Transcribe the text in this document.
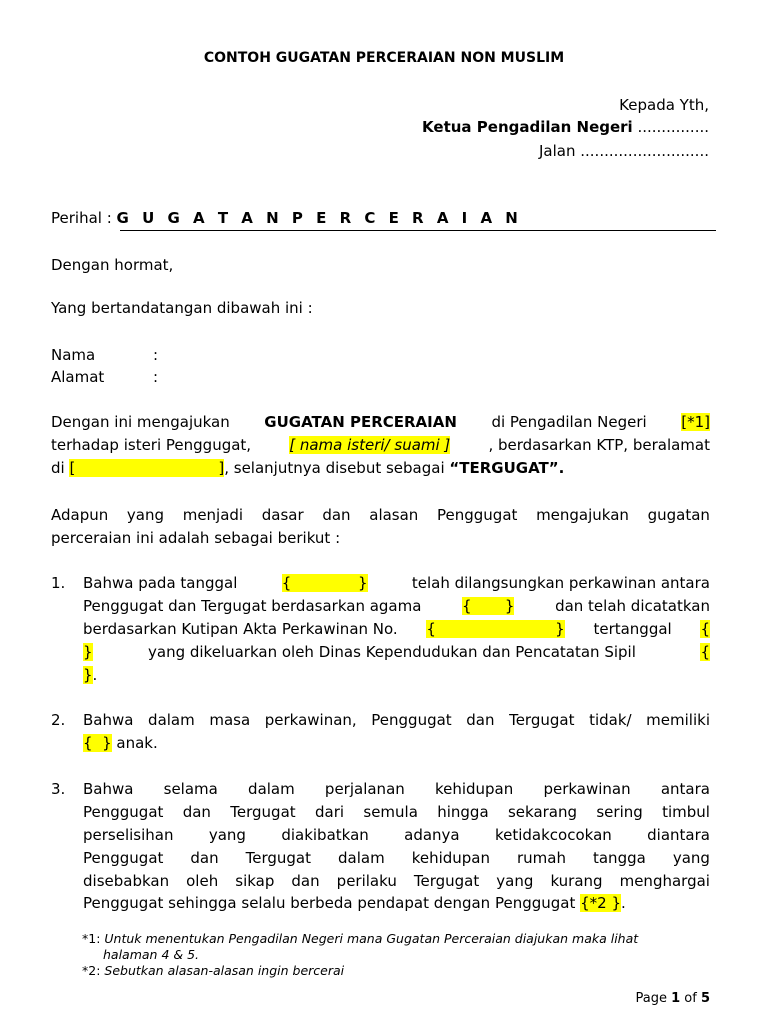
CONTOH GUGATAN PERCERAIAN NON MUSLIM
Kepada Yth,
Ketua Pengadilan Negeri ...............
Jalan ...........................
Perihal : G U G A T A N P E R C E R A I A N
Dengan hormat,
Yang bertandatangan dibawah ini :
Nama	:
Alamat	:
Dengan ini mengajukan GUGATAN PERCERAIAN di Pengadilan Negeri [*1]
terhadap isteri Penggugat,	[ nama isteri/ suami ]	, berdasarkan KTP, beralamat
di [                              ], selanjutnya disebut sebagai “TERGUGAT”.
Adapun yang menjadi dasar dan alasan Penggugat mengajukan gugatan
perceraian ini adalah sebagai berikut :
1. Bahwa pada tanggal	{              }	telah dilangsungkan perkawinan antara
Penggugat dan Tergugat berdasarkan agama	{       }	dan telah dicatatkan
berdasarkan Kutipan Akta Perkawinan No. {                         } tertanggal {
}	yang dikeluarkan oleh Dinas Kependudukan dan Pencatatan Sipil	{
}.
2. Bahwa dalam masa perkawinan, Penggugat dan Tergugat tidak/ memiliki
{  } anak.
3. Bahwa selama dalam perjalanan kehidupan perkawinan antara
Penggugat dan Tergugat dari semula hingga sekarang sering timbul
perselisihan yang diakibatkan adanya ketidakcocokan diantara
Penggugat dan Tergugat dalam kehidupan rumah tangga yang
disebabkan oleh sikap dan perilaku Tergugat yang kurang menghargai
Penggugat sehingga selalu berbeda pendapat dengan Penggugat {*2 }.
*1: Untuk menentukan Pengadilan Negeri mana Gugatan Perceraian diajukan maka lihat
halaman 4 & 5.
*2: Sebutkan alasan-alasan ingin bercerai
Page 1 of 5
